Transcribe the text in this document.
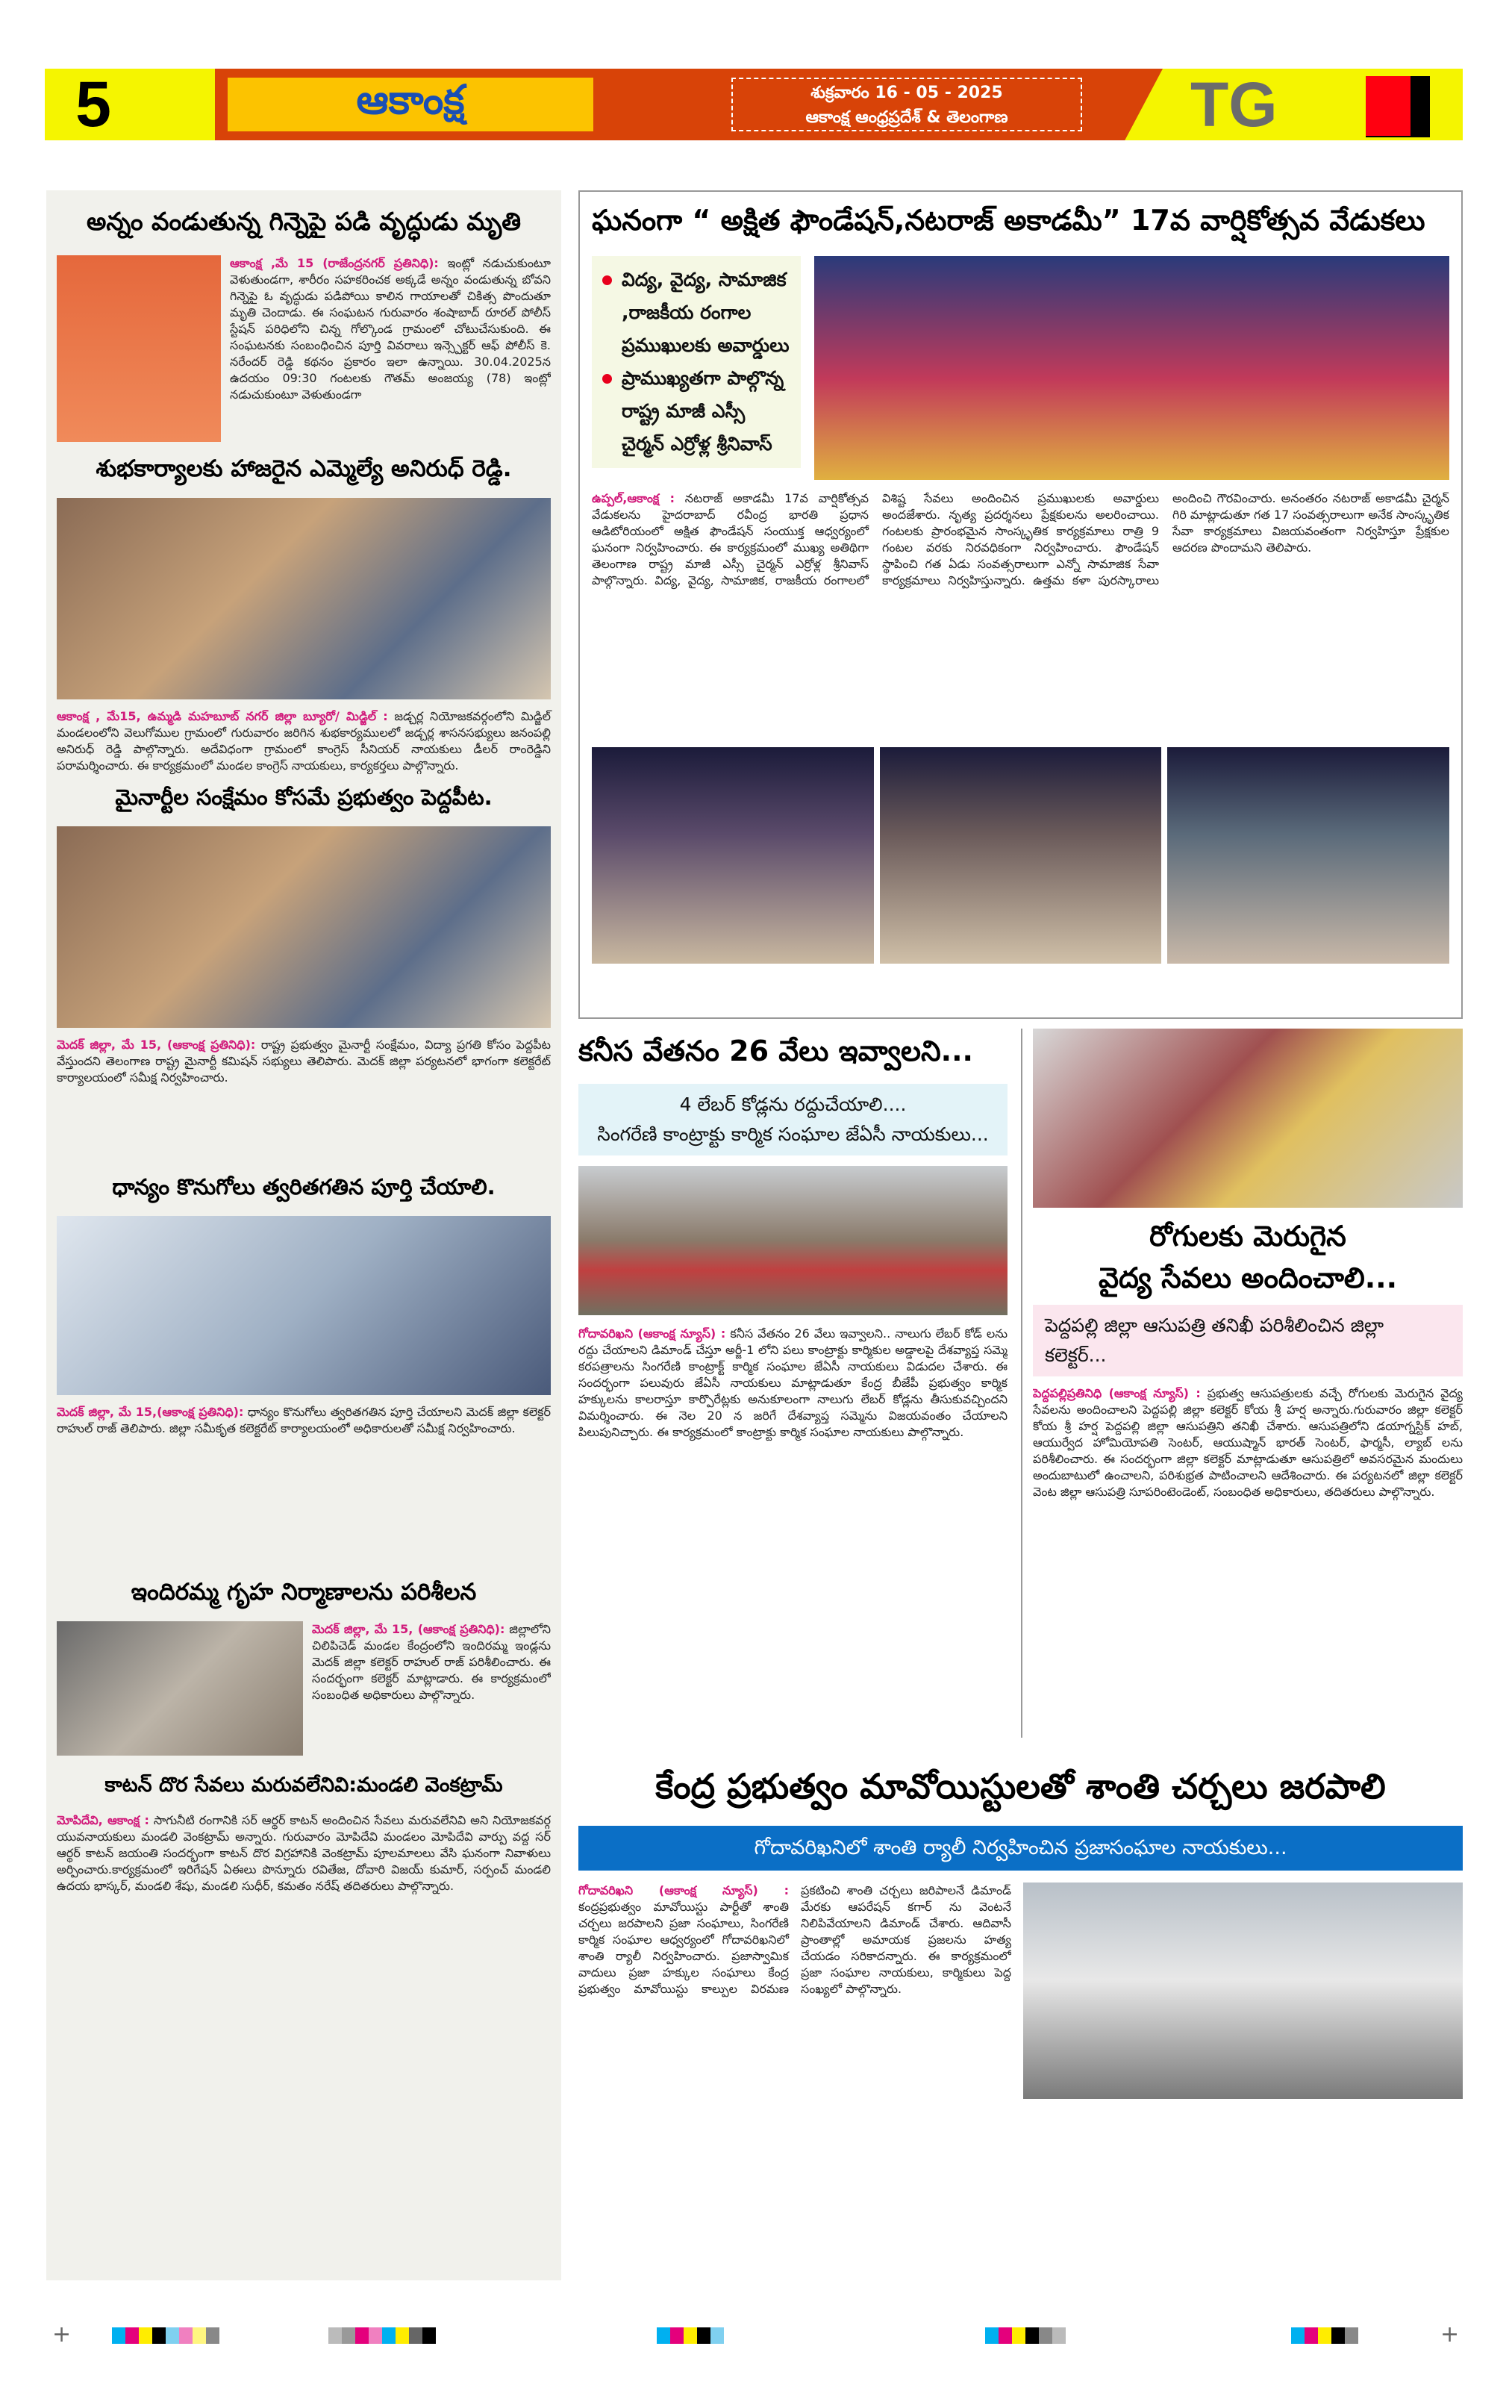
5	ఆకాంక్ష	శుక్రవారం 16 - 05 - 2025
ఆకాంక్ష ఆంధ్రప్రదేశ్ & తెలంగాణ	TG
అన్నం వండుతున్న గిన్నెపై పడి వృద్ధుడు మృతి
ఆకాంక్ష ,మే 15 (రాజేంద్రనగర్ ప్రతినిధి): ఇంట్లో నడుచుకుంటూ వెళుతుండగా, శారీరం సహకరించక అక్కడే అన్నం వండుతున్న బోవని గిన్నెపై ఓ వృద్ధుడు పడిపోయి కాలిన గాయాలతో చికిత్స పొందుతూ మృతి చెందాడు. ఈ సంఘటన గురువారం శంషాబాద్ రూరల్ పోలీస్ స్టేషన్ పరిధిలోని చిన్న గోల్కొండ గ్రామంలో చోటుచేసుకుంది. ఈ సంఘటనకు సంబంధించిన పూర్తి వివరాలు ఇన్స్పెక్టర్ ఆఫ్ పోలీస్ కె. నరేందర్ రెడ్డి కథనం ప్రకారం ఇలా ఉన్నాయి. 30.04.2025న ఉదయం 09:30 గంటలకు గౌతమ్ అంజయ్య (78) ఇంట్లో నడుచుకుంటూ వెళుతుండగా
శుభకార్యాలకు హాజరైన ఎమ్మెల్యే అనిరుధ్ రెడ్డి.
ఆకాంక్ష , మే15, ఉమ్మడి మహబూబ్ నగర్ జిల్లా బ్యూరో/ మిడ్జిల్ : జడ్చర్ల నియోజకవర్గంలోని మిడ్జిల్ మండలంలోని వెలుగోముల గ్రామంలో గురువారం జరిగిన శుభకార్యములలో జడ్చర్ల శాసనసభ్యులు జనంపల్లి అనిరుధ్ రెడ్డి పాల్గొన్నారు. అదేవిధంగా గ్రామంలో కాంగ్రెస్ సీనియర్ నాయకులు డీలర్ రాంరెడ్డిని పరామర్శించారు. ఈ కార్యక్రమంలో మండల కాంగ్రెస్ నాయకులు, కార్యకర్తలు పాల్గొన్నారు.
మైనార్టీల సంక్షేమం కోసమే ప్రభుత్వం పెద్దపీట.
మెదక్ జిల్లా, మే 15, (ఆకాంక్ష ప్రతినిధి): రాష్ట్ర ప్రభుత్వం మైనార్టీ సంక్షేమం, విద్యా ప్రగతి కోసం పెద్దపీట వేస్తుందని తెలంగాణ రాష్ట్ర మైనార్టీ కమిషన్ సభ్యులు తెలిపారు. మెదక్ జిల్లా పర్యటనలో భాగంగా కలెక్టరేట్ కార్యాలయంలో సమీక్ష నిర్వహించారు.
ధాన్యం కొనుగోలు త్వరితగతిన పూర్తి చేయాలి.
మెదక్ జిల్లా, మే 15,(ఆకాంక్ష ప్రతినిధి): ధాన్యం కొనుగోలు త్వరితగతిన పూర్తి చేయాలని మెదక్ జిల్లా కలెక్టర్ రాహుల్ రాజ్ తెలిపారు. జిల్లా సమీకృత కలెక్టరేట్ కార్యాలయంలో అధికారులతో సమీక్ష నిర్వహించారు.
ఇందిరమ్మ గృహ నిర్మాణాలను పరిశీలన
మెదక్ జిల్లా, మే 15, (ఆకాంక్ష ప్రతినిధి): జిల్లాలోని చిలిపిచెడ్ మండల కేంద్రంలోని ఇందిరమ్మ ఇండ్లను మెదక్ జిల్లా కలెక్టర్ రాహుల్ రాజ్ పరిశీలించారు. ఈ సందర్భంగా కలెక్టర్ మాట్లాడారు. ఈ కార్యక్రమంలో సంబంధిత అధికారులు పాల్గొన్నారు.
కాటన్ దొర సేవలు మరువలేనివి:మండలి వెంకట్రామ్
మోపిదేవి, ఆకాంక్ష : సాగునీటి రంగానికి సర్ ఆర్థర్ కాటన్ అందించిన సేవలు మరువలేనివి అని నియోజకవర్గ యువనాయకులు మండలి వెంకట్రామ్ అన్నారు. గురువారం మోపిదేవి మండలం మోపిదేవి వార్పు వద్ద సర్ ఆర్థర్ కాటన్ జయంతి సందర్భంగా కాటన్ దొర విగ్రహానికి వెంకట్రామ్ పూలమాలలు వేసి ఘనంగా నివాళులు అర్పించారు.కార్యక్రమంలో ఇరిగేషన్ ఏఈలు పొన్నూరు రవితేజ, దోవారి విజయ్ కుమార్, సర్పంచ్ మండలి ఉదయ భాస్కర్, మండలి శేషు, మండలి సుధీర్, కమతం నరేష్ తదితరులు పాల్గొన్నారు.
ఘనంగా “ అక్షిత ఫౌండేషన్,నటరాజ్ అకాడమీ” 17వ వార్షికోత్సవ వేడుకలు
విద్య, వైద్య, సామాజిక ,రాజకీయ రంగాల ప్రముఖులకు అవార్డులు
ప్రాముఖ్యతగా పాల్గొన్న రాష్ట్ర మాజీ ఎస్సీ చైర్మన్ ఎర్రోళ్ల శ్రీనివాస్
ఉప్పల్,ఆకాంక్ష : నటరాజ్ అకాడమీ 17వ వార్షికోత్సవ వేడుకలను హైదరాబాద్ రవీంద్ర భారతి ప్రధాన ఆడిటోరియంలో అక్షిత ఫౌండేషన్ సంయుక్త ఆధ్వర్యంలో ఘనంగా నిర్వహించారు. ఈ కార్యక్రమంలో ముఖ్య అతిథిగా తెలంగాణ రాష్ట్ర మాజీ ఎస్సీ చైర్మన్ ఎర్రోళ్ల శ్రీనివాస్ పాల్గొన్నారు. విద్య, వైద్య, సామాజిక, రాజకీయ రంగాలలో విశిష్ట సేవలు అందించిన ప్రముఖులకు అవార్డులు అందజేశారు. నృత్య ప్రదర్శనలు ప్రేక్షకులను అలరించాయి. గంటలకు ప్రారంభమైన సాంస్కృతిక కార్యక్రమాలు రాత్రి 9 గంటల వరకు నిరవధికంగా నిర్వహించారు. ఫౌండేషన్ స్థాపించి గత ఏడు సంవత్సరాలుగా ఎన్నో సామాజిక సేవా కార్యక్రమాలు నిర్వహిస్తున్నారు. ఉత్తమ కళా పురస్కారాలు అందించి గౌరవించారు. అనంతరం నటరాజ్ అకాడమీ చైర్మన్ గిరి మాట్లాడుతూ గత 17 సంవత్సరాలుగా అనేక సాంస్కృతిక సేవా కార్యక్రమాలు విజయవంతంగా నిర్వహిస్తూ ప్రేక్షకుల ఆదరణ పొందామని తెలిపారు.
కనీస వేతనం 26 వేలు ఇవ్వాలని...
4 లేబర్ కోడ్లను రద్దుచేయాలి....
సింగరేణి కాంట్రాక్టు కార్మిక సంఘాల జేఏసీ నాయకులు...
గోదావరిఖని (ఆకాంక్ష న్యూస్) : కనీస వేతనం 26 వేలు ఇవ్వాలని.. నాలుగు లేబర్ కోడ్ లను రద్దు చేయాలని డిమాండ్ చేస్తూ అర్జీ-1 లోని పలు కాంట్రాక్టు కార్మికుల అడ్డాలపై దేశవ్యాప్త సమ్మె కరపత్రాలను సింగరేణి కాంట్రాక్ట్ కార్మిక సంఘాల జేఏసీ నాయకులు విడుదల చేశారు. ఈ సందర్భంగా పలువురు జేఏసీ నాయకులు మాట్లాడుతూ కేంద్ర బీజేపీ ప్రభుత్వం కార్మిక హక్కులను కాలరాస్తూ కార్పొరేట్లకు అనుకూలంగా నాలుగు లేబర్ కోడ్లను తీసుకువచ్చిందని విమర్శించారు. ఈ నెల 20 న జరిగే దేశవ్యాప్త సమ్మెను విజయవంతం చేయాలని పిలుపునిచ్చారు. ఈ కార్యక్రమంలో కాంట్రాక్టు కార్మిక సంఘాల నాయకులు పాల్గొన్నారు.
రోగులకు మెరుగైన
వైద్య సేవలు అందించాలి...
పెద్దపల్లి జిల్లా ఆసుపత్రి తనిఖీ పరిశీలించిన జిల్లా కలెక్టర్...
పెద్దపల్లిప్రతినిధి (ఆకాంక్ష న్యూస్) : ప్రభుత్వ ఆసుపత్రులకు వచ్చే రోగులకు మెరుగైన వైద్య సేవలను అందించాలని పెద్దపల్లి జిల్లా కలెక్టర్ కోయ శ్రీ హర్ష అన్నారు.గురువారం జిల్లా కలెక్టర్ కోయ శ్రీ హర్ష పెద్దపల్లి జిల్లా ఆసుపత్రిని తనిఖీ చేశారు. ఆసుపత్రిలోని డయాగ్నస్టిక్ హబ్, ఆయుర్వేద హోమియోపతి సెంటర్, ఆయుష్మాన్ భారత్ సెంటర్, ఫార్మసీ, ల్యాబ్ లను పరిశీలించారు. ఈ సందర్భంగా జిల్లా కలెక్టర్ మాట్లాడుతూ ఆసుపత్రిలో అవసరమైన మందులు అందుబాటులో ఉంచాలని, పరిశుభ్రత పాటించాలని ఆదేశించారు. ఈ పర్యటనలో జిల్లా కలెక్టర్ వెంట జిల్లా ఆసుపత్రి సూపరింటెండెంట్, సంబంధిత అధికారులు, తదితరులు పాల్గొన్నారు.
కేంద్ర ప్రభుత్వం మావోయిస్టులతో శాంతి చర్చలు జరపాలి
గోదావరిఖనిలో శాంతి ర్యాలీ నిర్వహించిన ప్రజాసంఘాల నాయకులు...
గోదావరిఖని (ఆకాంక్ష న్యూస్) : కంద్రప్రభుత్వం మావోయిస్టు పార్టీతో శాంతి చర్చలు జరపాలని ప్రజా సంఘాలు, సింగరేణి కార్మిక సంఘాల ఆధ్వర్యంలో గోదావరిఖనిలో శాంతి ర్యాలీ నిర్వహించారు. ప్రజాస్వామిక వాదులు ప్రజా హక్కుల సంఘాలు కేంద్ర ప్రభుత్వం మావోయిస్టు కాల్పుల విరమణ ప్రకటించి శాంతి చర్చలు జరిపాలనే డిమాండ్ మేరకు ఆపరేషన్ కగార్ ను వెంటనే నిలిపివేయాలని డిమాండ్ చేశారు. ఆదివాసీ ప్రాంతాల్లో అమాయక ప్రజలను హత్య చేయడం సరికాదన్నారు. ఈ కార్యక్రమంలో ప్రజా సంఘాల నాయకులు, కార్మికులు పెద్ద సంఖ్యలో పాల్గొన్నారు.
+	+
